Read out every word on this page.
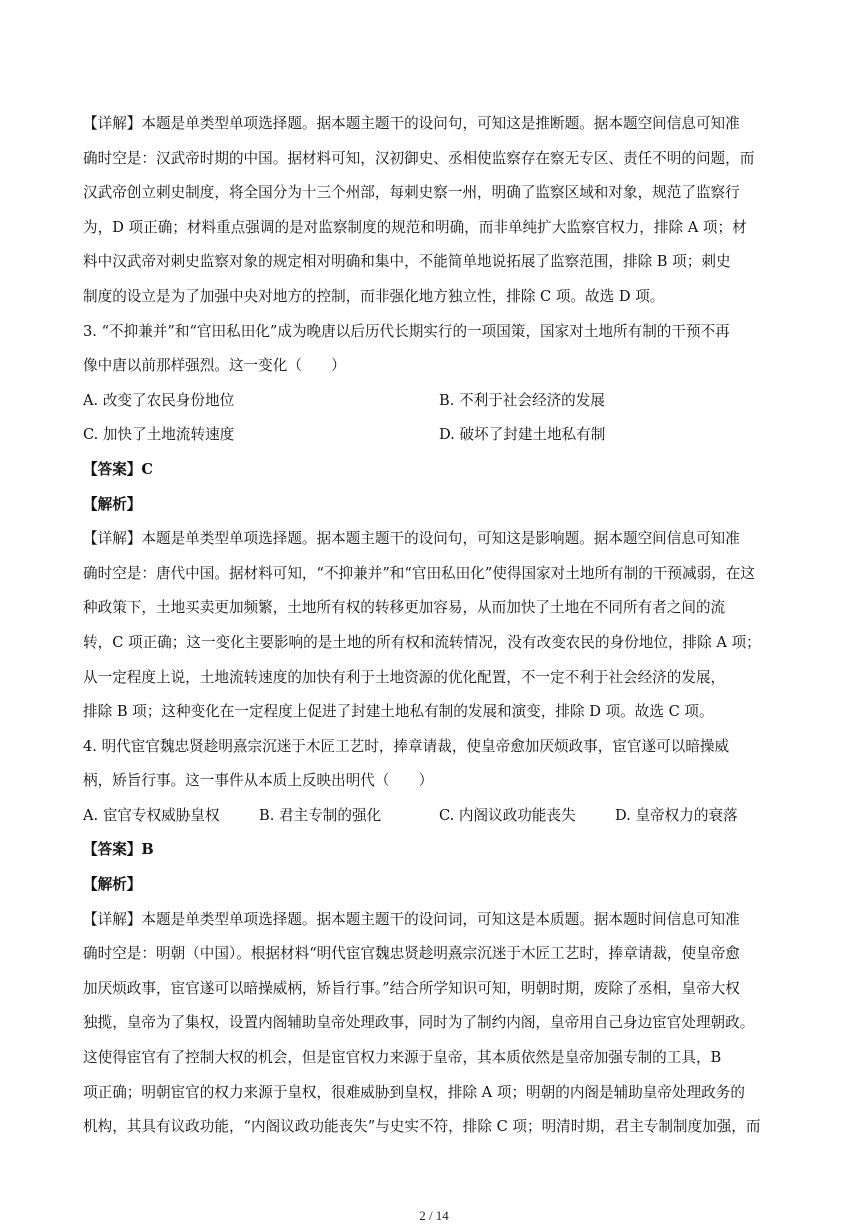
【详解】本题是单类型单项选择题。据本题主题干的设问句，可知这是推断题。据本题空间信息可知准
确时空是：汉武帝时期的中国。据材料可知，汉初御史、丞相使监察存在察无专区、责任不明的问题，而
汉武帝创立刺史制度，将全国分为十三个州部，每刺史察一州，明确了监察区域和对象，规范了监察行
为，D 项正确；材料重点强调的是对监察制度的规范和明确，而非单纯扩大监察官权力，排除 A 项；材
料中汉武帝对刺史监察对象的规定相对明确和集中，不能简单地说拓展了监察范围，排除 B 项；刺史
制度的设立是为了加强中央对地方的控制，而非强化地方独立性，排除 C 项。故选 D 项。
3. “不抑兼并”和“官田私田化”成为晚唐以后历代长期实行的一项国策，国家对土地所有制的干预不再
像中唐以前那样强烈。这一变化（　　）
A. 改变了农民身份地位	B. 不利于社会经济的发展
C. 加快了土地流转速度	D. 破坏了封建土地私有制
【答案】C
【解析】
【详解】本题是单类型单项选择题。据本题主题干的设问句，可知这是影响题。据本题空间信息可知准
确时空是：唐代中国。据材料可知，“不抑兼并”和“官田私田化”使得国家对土地所有制的干预减弱，在这
种政策下，土地买卖更加频繁，土地所有权的转移更加容易，从而加快了土地在不同所有者之间的流
转，C 项正确；这一变化主要影响的是土地的所有权和流转情况，没有改变农民的身份地位，排除 A 项；
从一定程度上说，土地流转速度的加快有利于土地资源的优化配置，不一定不利于社会经济的发展，
排除 B 项；这种变化在一定程度上促进了封建土地私有制的发展和演变，排除 D 项。故选 C 项。
4. 明代宦官魏忠贤趁明熹宗沉迷于木匠工艺时，捧章请裁，使皇帝愈加厌烦政事，宦官遂可以暗操威
柄，矫旨行事。这一事件从本质上反映出明代（　　）
A. 宦官专权威胁皇权	B. 君主专制的强化	C. 内阁议政功能丧失	D. 皇帝权力的衰落
【答案】B
【解析】
【详解】本题是单类型单项选择题。据本题主题干的设问词，可知这是本质题。据本题时间信息可知准
确时空是：明朝（中国）。根据材料“明代宦官魏忠贤趁明熹宗沉迷于木匠工艺时，捧章请裁，使皇帝愈
加厌烦政事，宦官遂可以暗操威柄，矫旨行事。”结合所学知识可知，明朝时期，废除了丞相，皇帝大权
独揽，皇帝为了集权，设置内阁辅助皇帝处理政事，同时为了制约内阁，皇帝用自己身边宦官处理朝政。
这使得宦官有了控制大权的机会，但是宦官权力来源于皇帝，其本质依然是皇帝加强专制的工具，B
项正确；明朝宦官的权力来源于皇权，很难威胁到皇权，排除 A 项；明朝的内阁是辅助皇帝处理政务的
机构，其具有议政功能，“内阁议政功能丧失”与史实不符，排除 C 项；明清时期，君主专制制度加强，而
2 / 14
